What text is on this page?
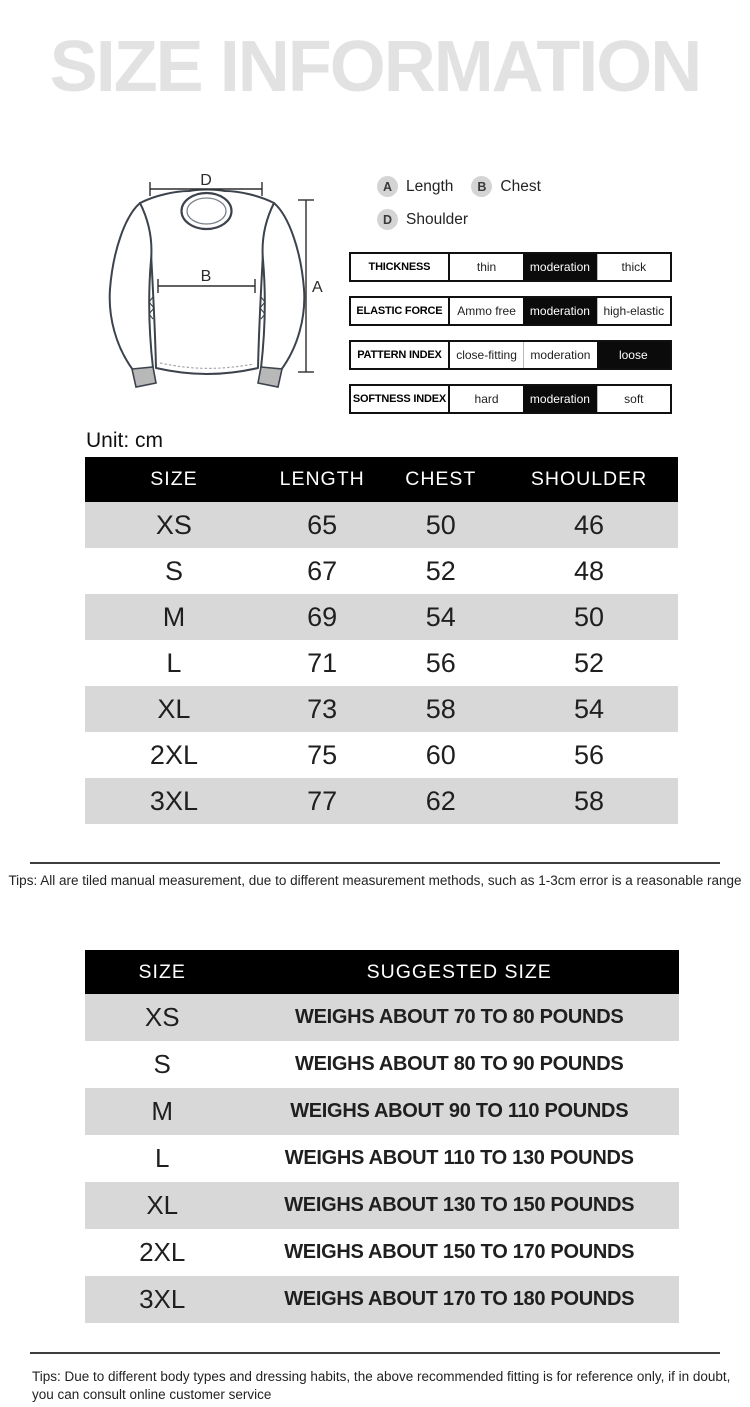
SIZE INFORMATION
D
A
B
A Length	B Chest
D Shoulder
THICKNESS	thin	moderation	thick
ELASTIC FORCE	Ammo free	moderation	high-elastic
PATTERN INDEX	close-fitting	moderation	loose
SOFTNESS INDEX	hard	moderation	soft
Unit: cm
SIZE	LENGTH	CHEST	SHOULDER
XS	65	50	46
S	67	52	48
M	69	54	50
L	71	56	52
XL	73	58	54
2XL	75	60	56
3XL	77	62	58
Tips: All are tiled manual measurement, due to different measurement methods, such as 1-3cm error is a reasonable range
SIZE	SUGGESTED SIZE
XS	WEIGHS ABOUT 70 TO 80 POUNDS
S	WEIGHS ABOUT 80 TO 90 POUNDS
M	WEIGHS ABOUT 90 TO 110 POUNDS
L	WEIGHS ABOUT 110 TO 130 POUNDS
XL	WEIGHS ABOUT 130 TO 150 POUNDS
2XL	WEIGHS ABOUT 150 TO 170 POUNDS
3XL	WEIGHS ABOUT 170 TO 180 POUNDS
Tips: Due to different body types and dressing habits, the above recommended fitting is for reference only, if in doubt, you can consult online customer service
